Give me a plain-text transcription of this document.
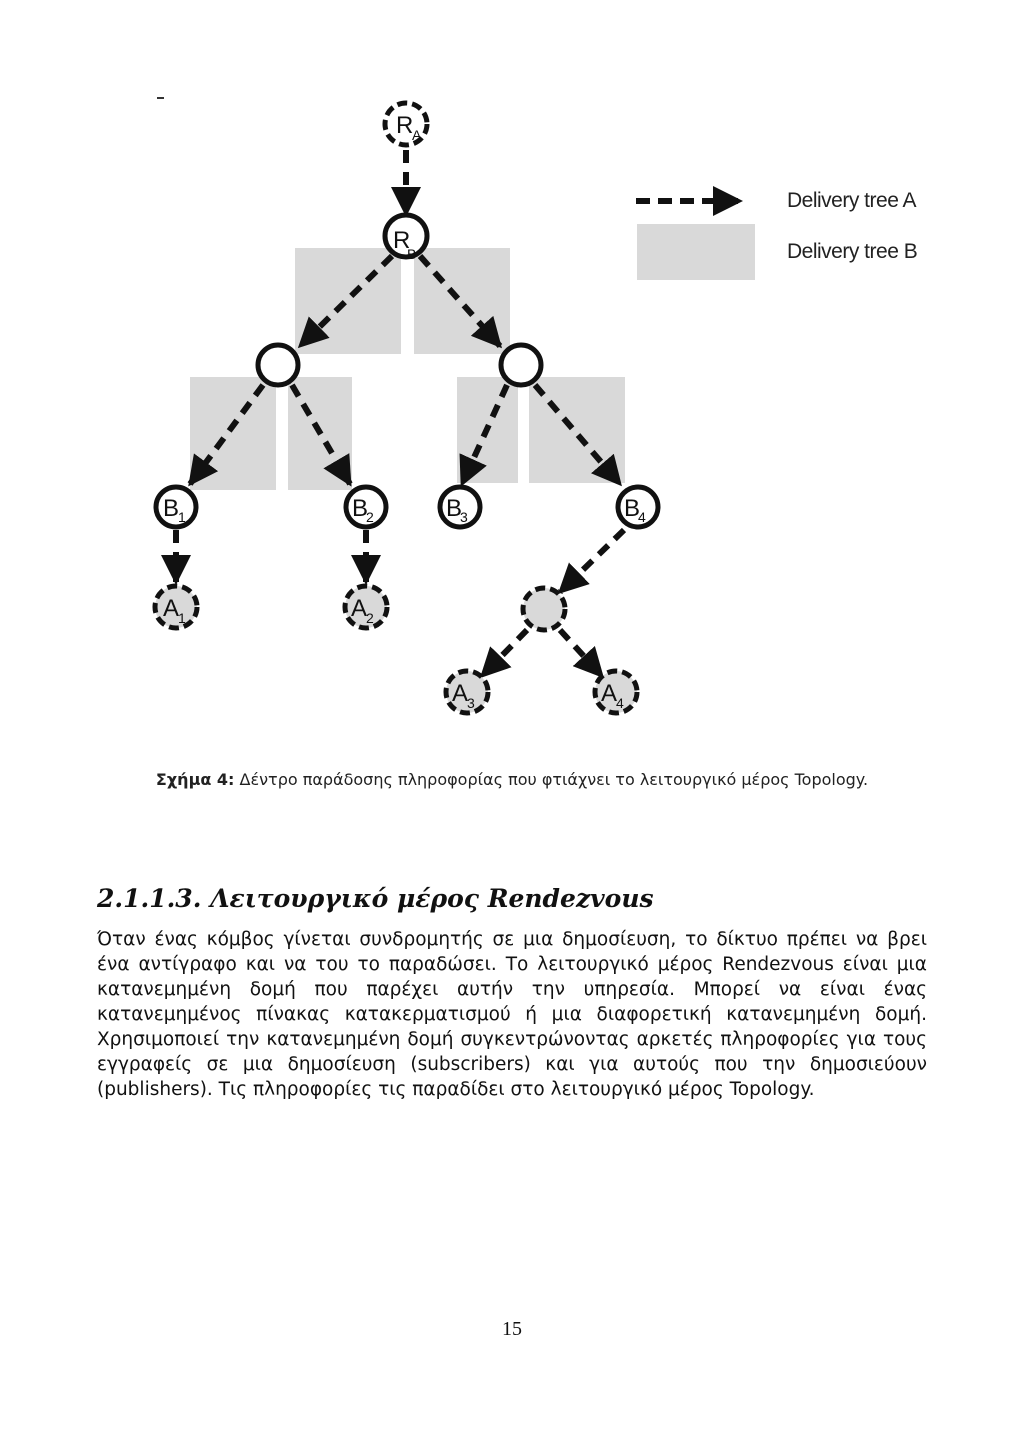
R
A
R
B
B
1	B
2	B
3	B
4
A
1	A
2
A
3	A
4
Delivery tree A
Delivery tree B
Σχήμα 4: Δέντρο παράδοσης πληροφορίας που φτιάχνει το λειτουργικό μέρος Topology.
2.1.1.3. Λειτουργικό μέρος Rendezvous

Όταν ένας κόμβος γίνεται συνδρομητής σε μια δημοσίευση, το δίκτυο πρέπει να βρει ένα αντίγραφο και να του το παραδώσει. Το λειτουργικό μέρος Rendezvous είναι μια κατανεμημένη δομή που παρέχει αυτήν την υπηρεσία. Μπορεί να είναι ένας κατανεμημένος πίνακας κατακερματισμού ή μια διαφορετική κατανεμημένη δομή. Χρησιμοποιεί την κατανεμημένη δομή συγκεντρώνοντας αρκετές πληροφορίες για τους εγγραφείς σε μια δημοσίευση (subscribers) και για αυτούς που την δημοσιεύουν (publishers). Τις πληροφορίες τις παραδίδει στο λειτουργικό μέρος Topology.

15
